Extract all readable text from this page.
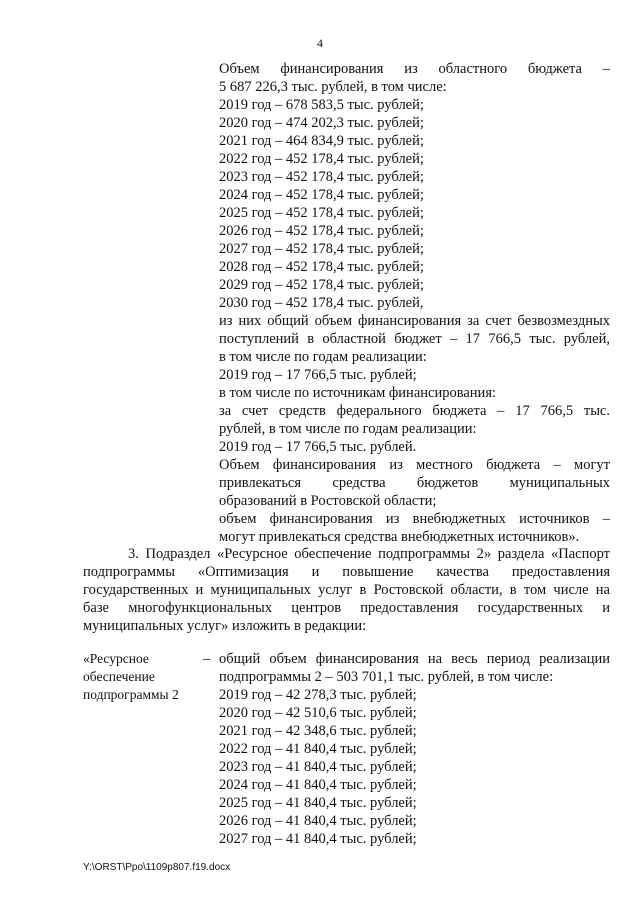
4
Объем финансирования из областного бюджета –
5 687 226,3 тыс. рублей, в том числе:
2019 год – 678 583,5 тыс. рублей;
2020 год – 474 202,3 тыс. рублей;
2021 год – 464 834,9 тыс. рублей;
2022 год – 452 178,4 тыс. рублей;
2023 год – 452 178,4 тыс. рублей;
2024 год – 452 178,4 тыс. рублей;
2025 год – 452 178,4 тыс. рублей;
2026 год – 452 178,4 тыс. рублей;
2027 год – 452 178,4 тыс. рублей;
2028 год – 452 178,4 тыс. рублей;
2029 год – 452 178,4 тыс. рублей;
2030 год – 452 178,4 тыс. рублей,
из них общий объем финансирования за счет безвозмездных
поступлений в областной бюджет – 17 766,5 тыс. рублей,
в том числе по годам реализации:
2019 год – 17 766,5 тыс. рублей;
в том числе по источникам финансирования:
за счет средств федерального бюджета – 17 766,5 тыс.
рублей, в том числе по годам реализации:
2019 год – 17 766,5 тыс. рублей.
Объем финансирования из местного бюджета – могут
привлекаться средства бюджетов муниципальных
образований в Ростовской области;
объем финансирования из внебюджетных источников –
могут привлекаться средства внебюджетных источников».
3. Подраздел «Ресурсное обеспечение подпрограммы 2» раздела «Паспорт
подпрограммы «Оптимизация и повышение качества предоставления
государственных и муниципальных услуг в Ростовской области, в том числе на
базе многофункциональных центров предоставления государственных и
муниципальных услуг» изложить в редакции:
«Ресурсное
обеспечение
подпрограммы 2
– общий объем финансирования на весь период реализации
подпрограммы 2 – 503 701,1 тыс. рублей, в том числе:
2019 год – 42 278,3 тыс. рублей;
2020 год – 42 510,6 тыс. рублей;
2021 год – 42 348,6 тыс. рублей;
2022 год – 41 840,4 тыс. рублей;
2023 год – 41 840,4 тыс. рублей;
2024 год – 41 840,4 тыс. рублей;
2025 год – 41 840,4 тыс. рублей;
2026 год – 41 840,4 тыс. рублей;
2027 год – 41 840,4 тыс. рублей;
Y:\ORST\Ppo\1109p807.f19.docx
